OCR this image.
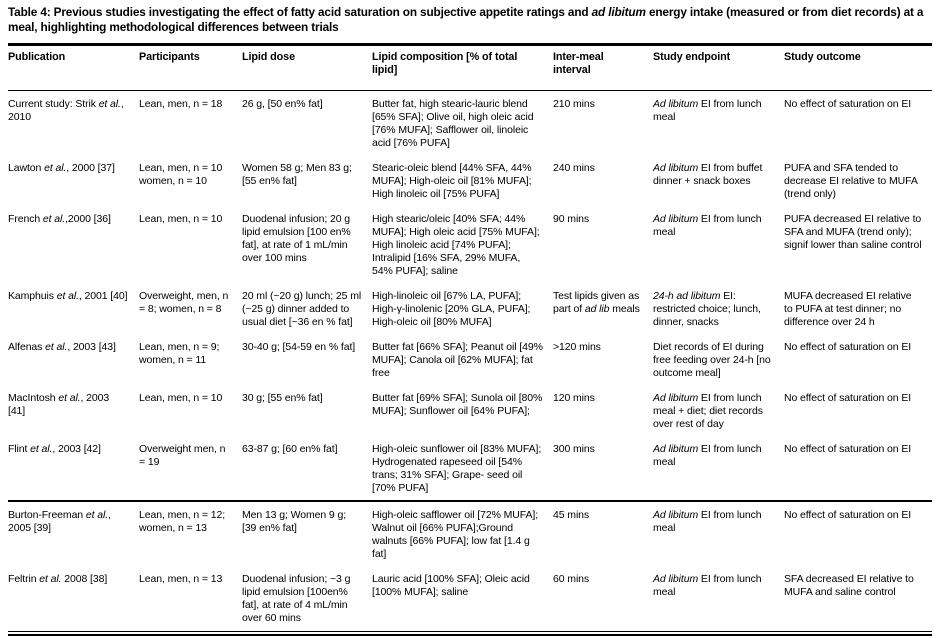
Table 4: Previous studies investigating the effect of fatty acid saturation on subjective appetite ratings and ad libitum energy intake (measured or from diet records) at a meal, highlighting methodological differences between trials
Publication	Participants	Lipid dose	Lipid composition [% of total lipid]	Inter-meal interval	Study endpoint	Study outcome
Current study: Strik et al., 2010	Lean, men, n = 18	26 g, [50 en% fat]	Butter fat, high stearic-lauric blend [65% SFA]; Olive oil, high oleic acid [76% MUFA]; Safflower oil, linoleic acid [76% PUFA]	210 mins	Ad libitum EI from lunch meal	No effect of saturation on EI
Lawton et al., 2000 [37]	Lean, men, n = 10 women, n = 10	Women 58 g; Men 83 g; [55 en% fat]	Stearic-oleic blend [44% SFA, 44% MUFA]; High-oleic oil [81% MUFA]; High linoleic oil [75% PUFA]	240 mins	Ad libitum EI from buffet dinner + snack boxes	PUFA and SFA tended to decrease EI relative to MUFA (trend only)
French et al.,2000 [36]	Lean, men, n = 10	Duodenal infusion; 20 g lipid emulsion [100 en% fat], at rate of 1 mL/min over 100 mins	High stearic/oleic [40% SFA; 44% MUFA]; High oleic acid [75% MUFA]; High linoleic acid [74% PUFA]; Intralipid [16% SFA, 29% MUFA, 54% PUFA]; saline	90 mins	Ad libitum EI from lunch meal	PUFA decreased EI relative to SFA and MUFA (trend only); signif lower than saline control
Kamphuis et al., 2001 [40]	Overweight, men, n = 8; women, n = 8	20 ml (~20 g) lunch; 25 ml (~25 g) dinner added to usual diet [~36 en % fat]	High-linoleic oil [67% LA, PUFA]; High-γ-linolenic [20% GLA, PUFA]; High-oleic oil [80% MUFA]	Test lipids given as part of ad lib meals	24-h ad libitum EI: restricted choice; lunch, dinner, snacks	MUFA decreased EI relative to PUFA at test dinner; no difference over 24 h
Alfenas et al., 2003 [43]	Lean, men, n = 9; women, n = 11	30-40 g; [54-59 en % fat]	Butter fat [66% SFA]; Peanut oil [49% MUFA]; Canola oil [62% MUFA]; fat free	>120 mins	Diet records of EI during free feeding over 24-h [no outcome meal]	No effect of saturation on EI
MacIntosh et al., 2003 [41]	Lean, men, n = 10	30 g; [55 en% fat]	Butter fat [69% SFA]; Sunola oil [80% MUFA]; Sunflower oil [64% PUFA];	120 mins	Ad libitum EI from lunch meal + diet; diet records over rest of day	No effect of saturation on EI
Flint et al., 2003 [42]	Overweight men, n = 19	63-87 g; [60 en% fat]	High-oleic sunflower oil [83% MUFA]; Hydrogenated rapeseed oil [54% trans; 31% SFA]; Grape- seed oil [70% PUFA]	300 mins	Ad libitum EI from lunch meal	No effect of saturation on EI
Burton-Freeman et al., 2005 [39]	Lean, men, n = 12; women, n = 13	Men 13 g; Women 9 g; [39 en% fat]	High-oleic safflower oil [72% MUFA]; Walnut oil [66% PUFA];Ground walnuts [66% PUFA]; low fat [1.4 g fat]	45 mins	Ad libitum EI from lunch meal	No effect of saturation on EI
Feltrin et al. 2008 [38]	Lean, men, n = 13	Duodenal infusion; ~3 g lipid emulsion [100en% fat], at rate of 4 mL/min over 60 mins	Lauric acid [100% SFA]; Oleic acid [100% MUFA]; saline	60 mins	Ad libitum EI from lunch meal	SFA decreased EI relative to MUFA and saline control
